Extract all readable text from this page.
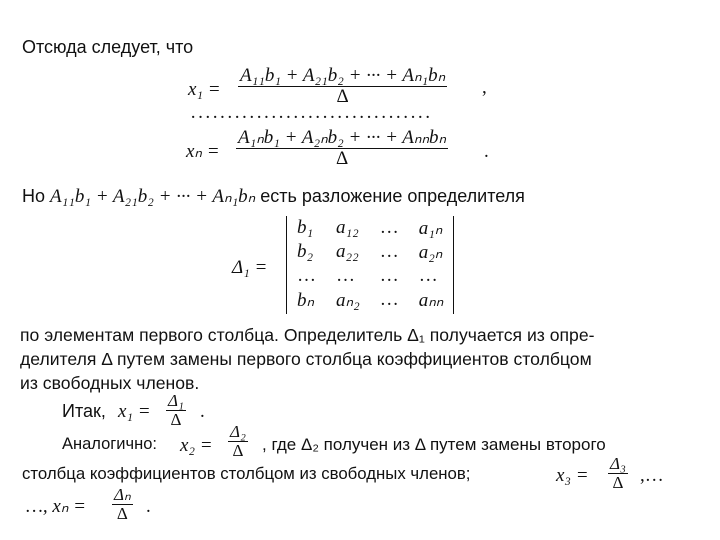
Отсюда следует, что
x₁ =
A₁₁b₁ + A₂₁b₂ + ··· + Aₙ₁bₙ
Δ	,
·································
xₙ =
A₁ₙb₁ + A₂ₙb₂ + ··· + Aₙₙbₙ
Δ	.
Но A₁₁b₁ + A₂₁b₂ + ··· + Aₙ₁bₙ есть разложение определителя
Δ₁ =
b₁	a₁₂	…	a₁ₙ
b₂	a₂₂	…	a₂ₙ
…	…	…	…
bₙ	aₙ₂	…	aₙₙ
по элементам первого столбца. Определитель Δ₁ получается из опре-
делителя Δ путем замены первого столбца коэффициентов столбцом
из свободных членов.
Итак, x₁ =
Δ₁
Δ .
Аналогично: x₂ =
Δ₂
Δ , где Δ₂ получен из Δ путем замены второго
столбца коэффициентов столбцом из свободных членов;	x₃ =
Δ₃
Δ ,…
…, xₙ =
Δₙ
Δ .
